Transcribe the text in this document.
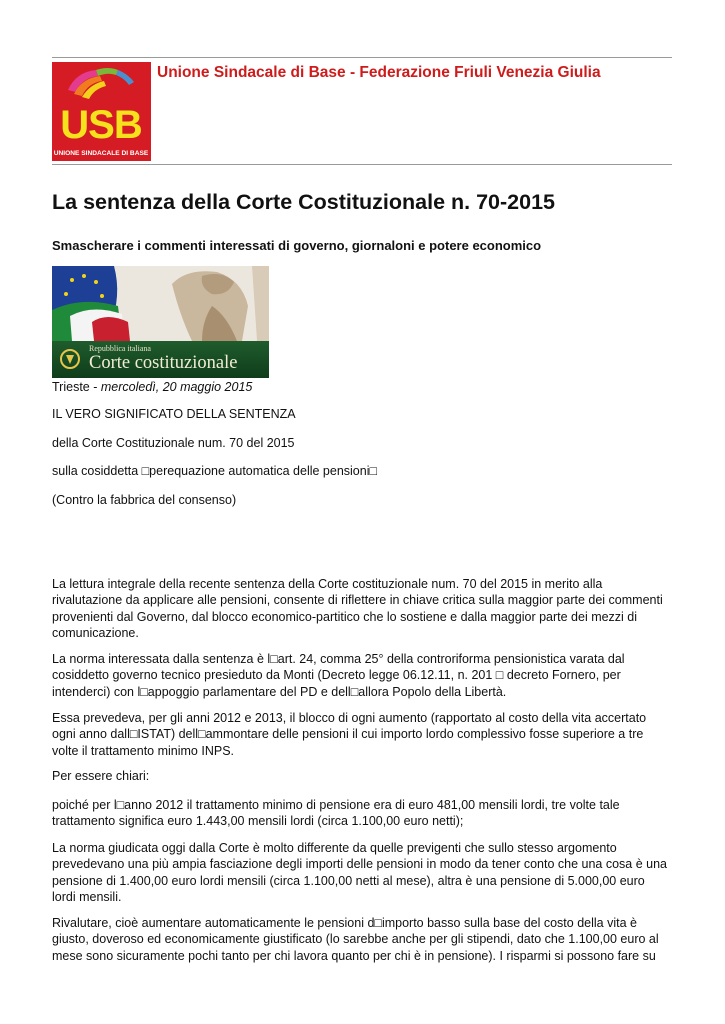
USB
UNIONE SINDACALE DI BASE
Unione Sindacale di Base - Federazione Friuli Venezia Giulia
La sentenza della Corte Costituzionale n. 70-2015
Smascherare i commenti interessati di governo, giornaloni e potere economico
Repubblica italiana
Corte costituzionale
Trieste - mercoledì, 20 maggio 2015
IL VERO SIGNIFICATO DELLA SENTENZA
della Corte Costituzionale num. 70 del 2015
sulla cosiddetta □perequazione automatica delle pensioni□
(Contro la fabbrica del consenso)

La lettura integrale della recente sentenza della Corte costituzionale num. 70 del 2015 in merito alla

rivalutazione da applicare alle pensioni, consente di riflettere in chiave critica sulla maggior parte dei commenti

provenienti dal Governo, dal blocco economico-partitico che lo sostiene e dalla maggior parte dei mezzi di

comunicazione.

La norma interessata dalla sentenza è l□art. 24, comma 25° della controriforma pensionistica varata dal

cosiddetto governo tecnico presieduto da Monti (Decreto legge 06.12.11, n. 201 □ decreto Fornero, per

intenderci) con l□appoggio parlamentare del PD e dell□allora Popolo della Libertà.

Essa prevedeva, per gli anni 2012 e 2013, il blocco di ogni aumento (rapportato al costo della vita accertato

ogni anno dall□ISTAT) dell□ammontare delle pensioni il cui importo lordo complessivo fosse superiore a tre

volte il trattamento minimo INPS.

Per essere chiari:

poiché per l□anno 2012 il trattamento minimo di pensione era di euro 481,00 mensili lordi, tre volte tale

trattamento significa euro 1.443,00 mensili lordi (circa 1.100,00 euro netti);

La norma giudicata oggi dalla Corte è molto differente da quelle previgenti che sullo stesso argomento

prevedevano una più ampia fasciazione degli importi delle pensioni in modo da tener conto che una cosa è una

pensione di 1.400,00 euro lordi mensili (circa 1.100,00 netti al mese), altra è una pensione di 5.000,00 euro

lordi mensili.

Rivalutare, cioè aumentare automaticamente le pensioni d□importo basso sulla base del costo della vita è

giusto, doveroso ed economicamente giustificato (lo sarebbe anche per gli stipendi, dato che 1.100,00 euro al

mese sono sicuramente pochi tanto per chi lavora quanto per chi è in pensione). I risparmi si possono fare su
